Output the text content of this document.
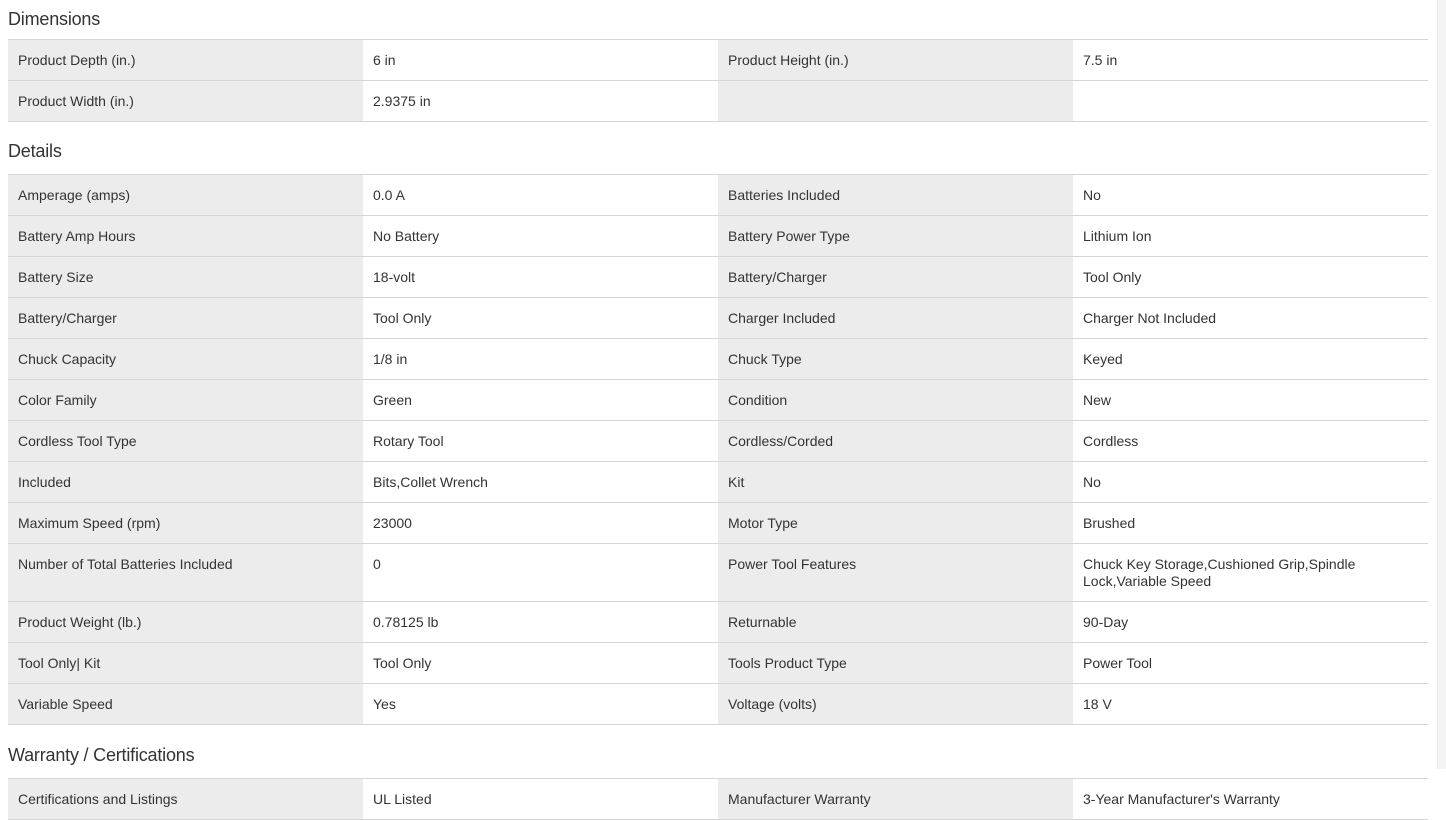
Dimensions
Product Depth (in.)	6 in	Product Height (in.)	7.5 in
Product Width (in.)	2.9375 in
Details
Amperage (amps)	0.0 A	Batteries Included	No
Battery Amp Hours	No Battery	Battery Power Type	Lithium Ion
Battery Size	18-volt	Battery/Charger	Tool Only
Battery/Charger	Tool Only	Charger Included	Charger Not Included
Chuck Capacity	1/8 in	Chuck Type	Keyed
Color Family	Green	Condition	New
Cordless Tool Type	Rotary Tool	Cordless/Corded	Cordless
Included	Bits,Collet Wrench	Kit	No
Maximum Speed (rpm)	23000	Motor Type	Brushed
Number of Total Batteries Included	0	Power Tool Features	Chuck Key Storage,Cushioned Grip,Spindle Lock,Variable Speed
Product Weight (lb.)	0.78125 lb	Returnable	90-Day
Tool Only| Kit	Tool Only	Tools Product Type	Power Tool
Variable Speed	Yes	Voltage (volts)	18 V
Warranty / Certifications
Certifications and Listings	UL Listed	Manufacturer Warranty	3-Year Manufacturer's Warranty
